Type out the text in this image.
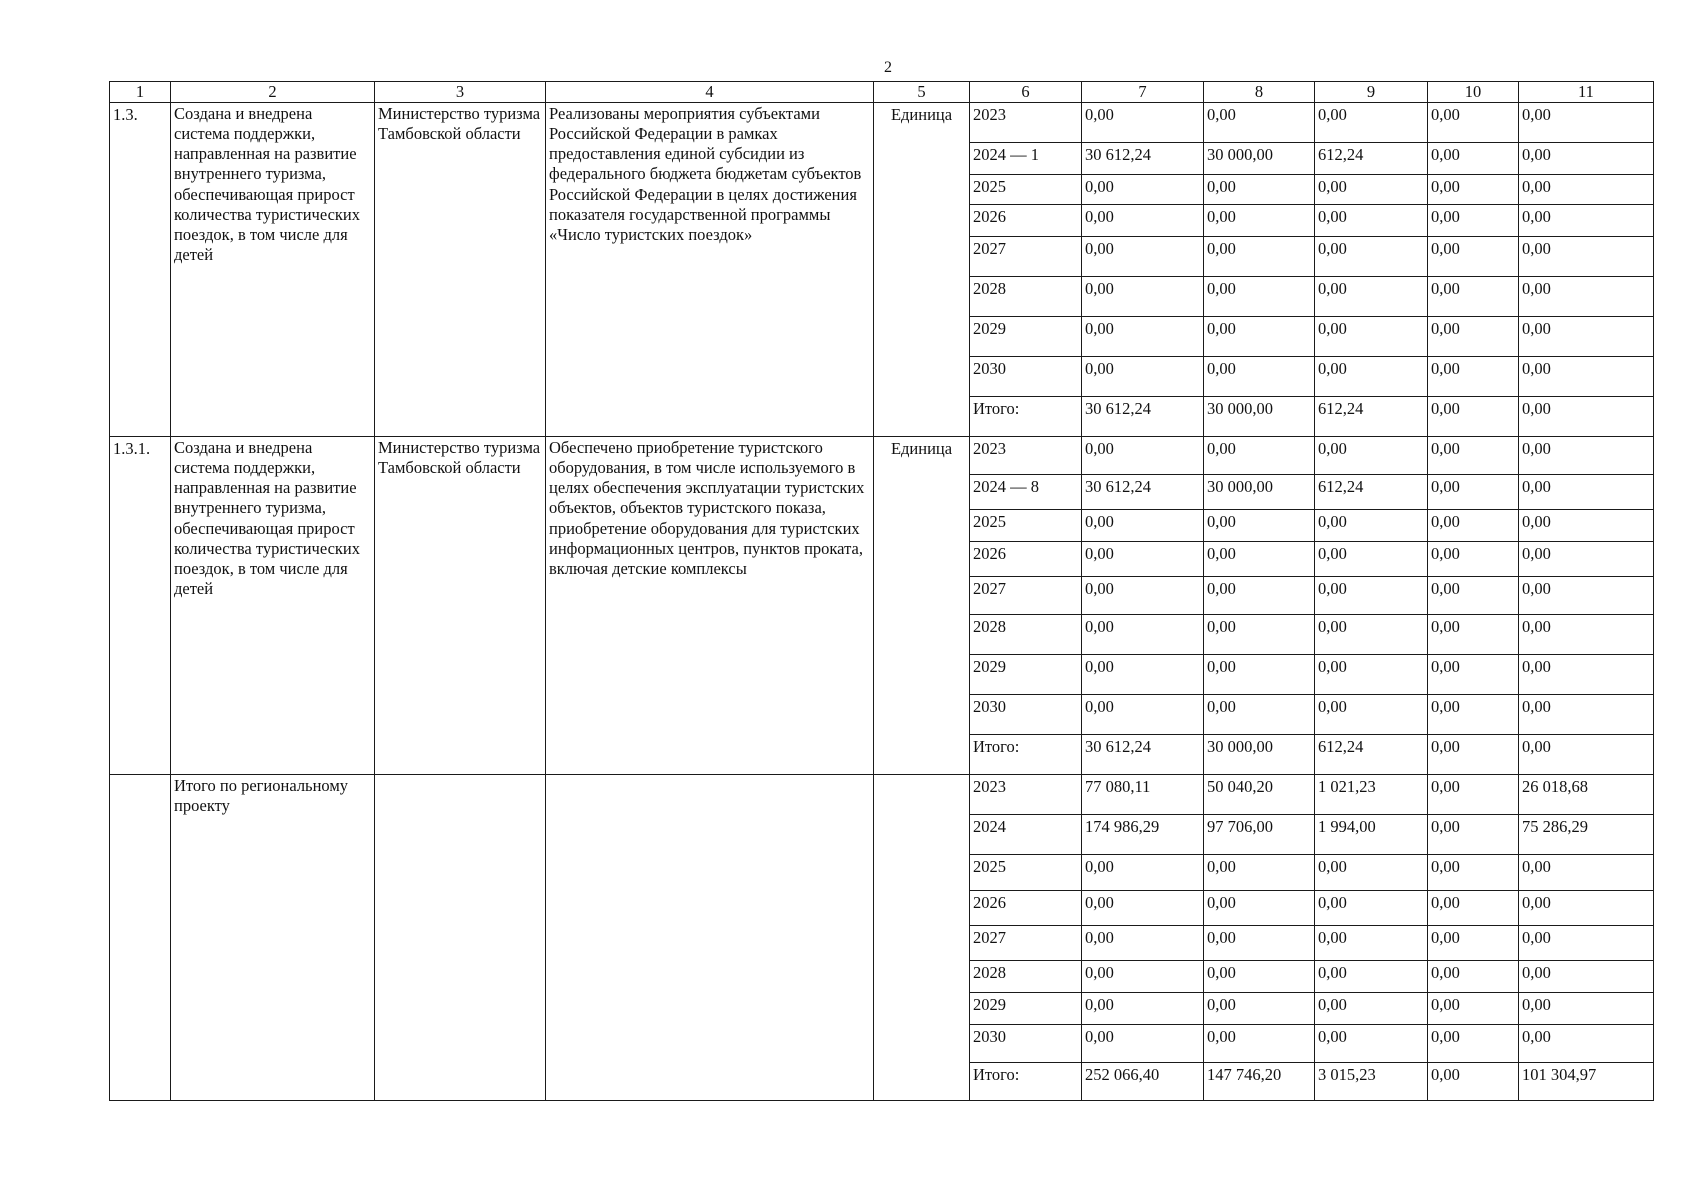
2
1	2	3	4	5	6	7	8	9	10	11
1.3.	Создана и внедрена система поддержки, направленная на развитие внутреннего туризма, обеспечивающая прирост количества туристических поездок, в том числе для детей	Министерство туризма Тамбовской области	Реализованы мероприятия субъектами Российской Федерации в рамках предоставления единой субсидии из федерального бюджета бюджетам субъектов Российской Федерации в целях достижения показателя государственной программы «Число туристских поездок»	Единица	2023	0,00	0,00	0,00	0,00	0,00
					2024 — 1	30 612,24	30 000,00	612,24	0,00	0,00
					2025	0,00	0,00	0,00	0,00	0,00
					2026	0,00	0,00	0,00	0,00	0,00
					2027	0,00	0,00	0,00	0,00	0,00
					2028	0,00	0,00	0,00	0,00	0,00
					2029	0,00	0,00	0,00	0,00	0,00
					2030	0,00	0,00	0,00	0,00	0,00
					Итого:	30 612,24	30 000,00	612,24	0,00	0,00
1.3.1.	Создана и внедрена система поддержки, направленная на развитие внутреннего туризма, обеспечивающая прирост количества туристических поездок, в том числе для детей	Министерство туризма Тамбовской области	Обеспечено приобретение туристского оборудования, в том числе используемого в целях обеспечения эксплуатации туристских объектов, объектов туристского показа, приобретение оборудования для туристских информационных центров, пунктов проката, включая детские комплексы	Единица	2023	0,00	0,00	0,00	0,00	0,00
					2024 — 8	30 612,24	30 000,00	612,24	0,00	0,00
					2025	0,00	0,00	0,00	0,00	0,00
					2026	0,00	0,00	0,00	0,00	0,00
					2027	0,00	0,00	0,00	0,00	0,00
					2028	0,00	0,00	0,00	0,00	0,00
					2029	0,00	0,00	0,00	0,00	0,00
					2030	0,00	0,00	0,00	0,00	0,00
					Итого:	30 612,24	30 000,00	612,24	0,00	0,00
	Итого по региональному проекту				2023	77 080,11	50 040,20	1 021,23	0,00	26 018,68
					2024	174 986,29	97 706,00	1 994,00	0,00	75 286,29
					2025	0,00	0,00	0,00	0,00	0,00
					2026	0,00	0,00	0,00	0,00	0,00
					2027	0,00	0,00	0,00	0,00	0,00
					2028	0,00	0,00	0,00	0,00	0,00
					2029	0,00	0,00	0,00	0,00	0,00
					2030	0,00	0,00	0,00	0,00	0,00
					Итого:	252 066,40	147 746,20	3 015,23	0,00	101 304,97
